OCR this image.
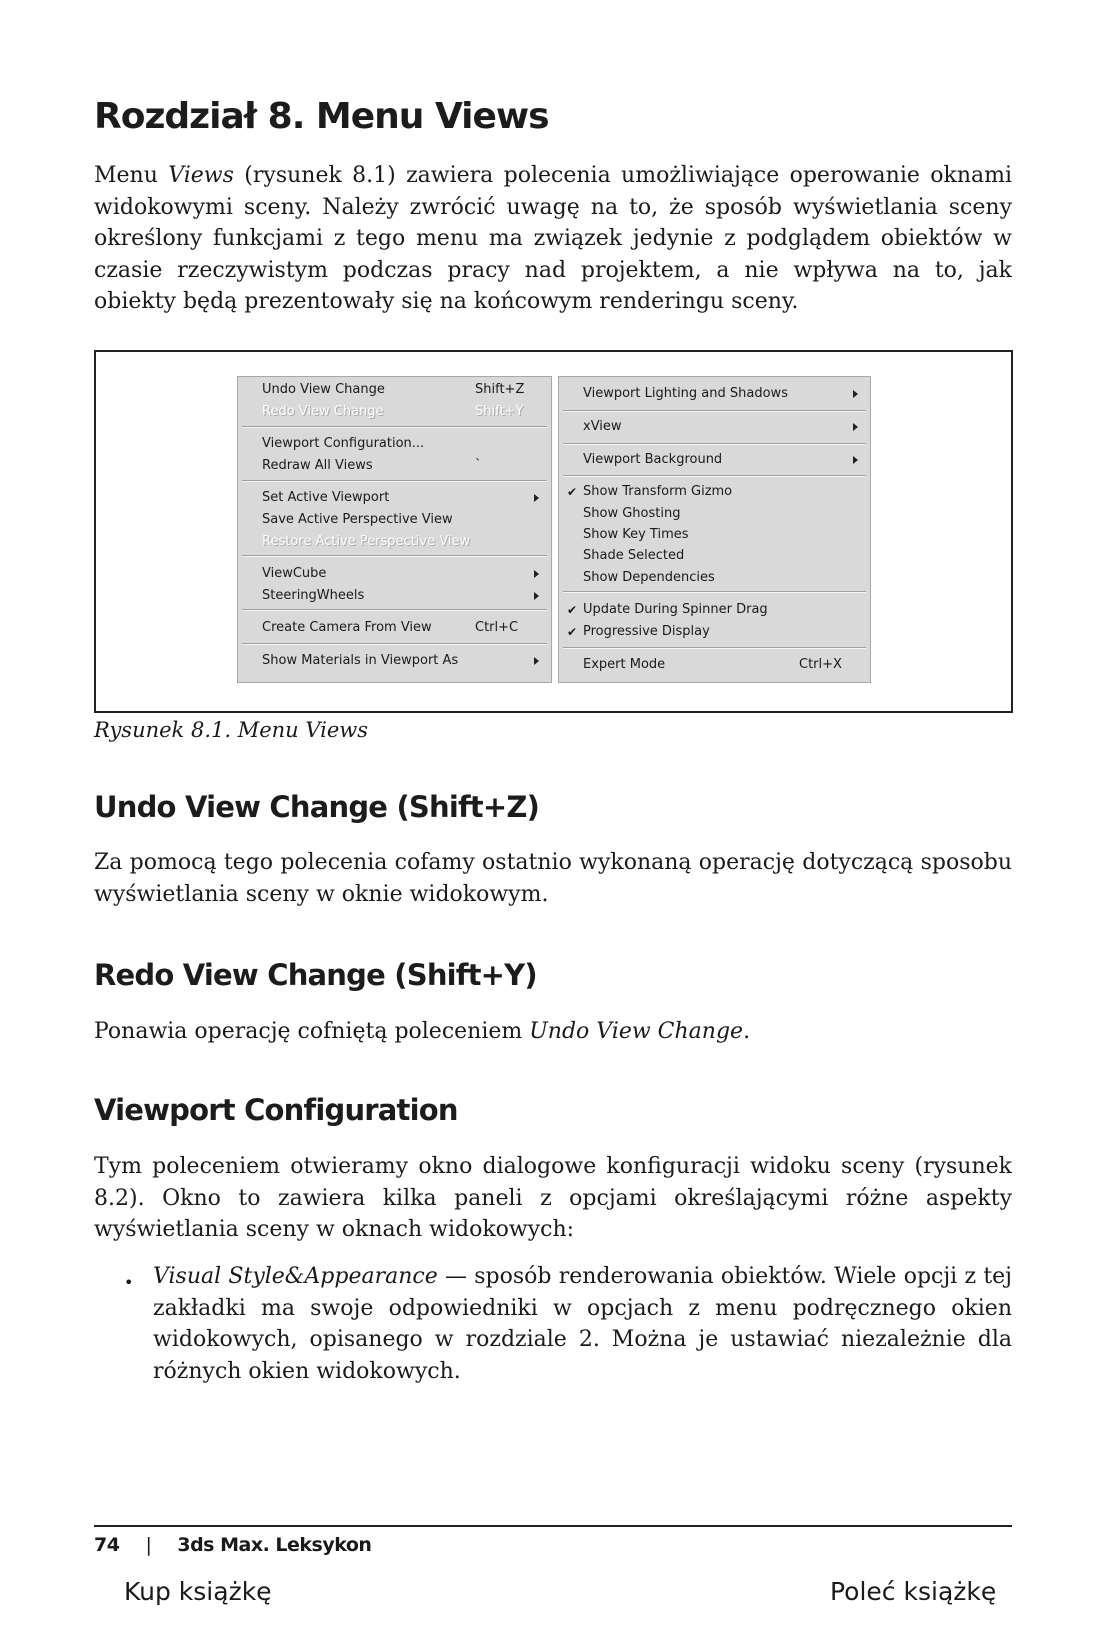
Rozdział 8. Menu Views

Menu Views (rysunek 8.1) zawiera polecenia umożliwiające operowanie oknami widokowymi sceny. Należy zwrócić uwagę na to, że sposób wyświetlania sceny określony funkcjami z tego menu ma związek jedynie z podglądem obiektów w czasie rzeczywistym podczas pracy nad projektem, a nie wpływa na to, jak obiekty będą prezentowały się na końcowym renderingu sceny.

Undo View Change	Shift+Z
Redo View Change	Shift+Y
Viewport Configuration...
Redraw All Views	`
Set Active Viewport
Save Active Perspective View
Restore Active Perspective View
ViewCube
SteeringWheels
Create Camera From View	Ctrl+C
Show Materials in Viewport As
Viewport Lighting and Shadows
xView
Viewport Background
✔ Show Transform Gizmo
Show Ghosting
Show Key Times
Shade Selected
Show Dependencies
✔ Update During Spinner Drag
✔ Progressive Display
Expert Mode	Ctrl+X

Rysunek 8.1. Menu Views

Undo View Change (Shift+Z)

Za pomocą tego polecenia cofamy ostatnio wykonaną operację dotyczącą sposobu wyświetlania sceny w oknie widokowym.

Redo View Change (Shift+Y)

Ponawia operację cofniętą poleceniem Undo View Change.

Viewport Configuration

Tym poleceniem otwieramy okno dialogowe konfiguracji widoku sceny (rysunek 8.2). Okno to zawiera kilka paneli z opcjami określającymi różne aspekty wyświetlania sceny w oknach widokowych:

• Visual Style&Appearance — sposób renderowania obiektów. Wiele opcji z tej zakładki ma swoje odpowiedniki w opcjach z menu podręcznego okien widokowych, opisanego w rozdziale 2. Można je ustawiać niezależnie dla różnych okien widokowych.

74 | 3ds Max. Leksykon
Kup książkę	Poleć książkę
